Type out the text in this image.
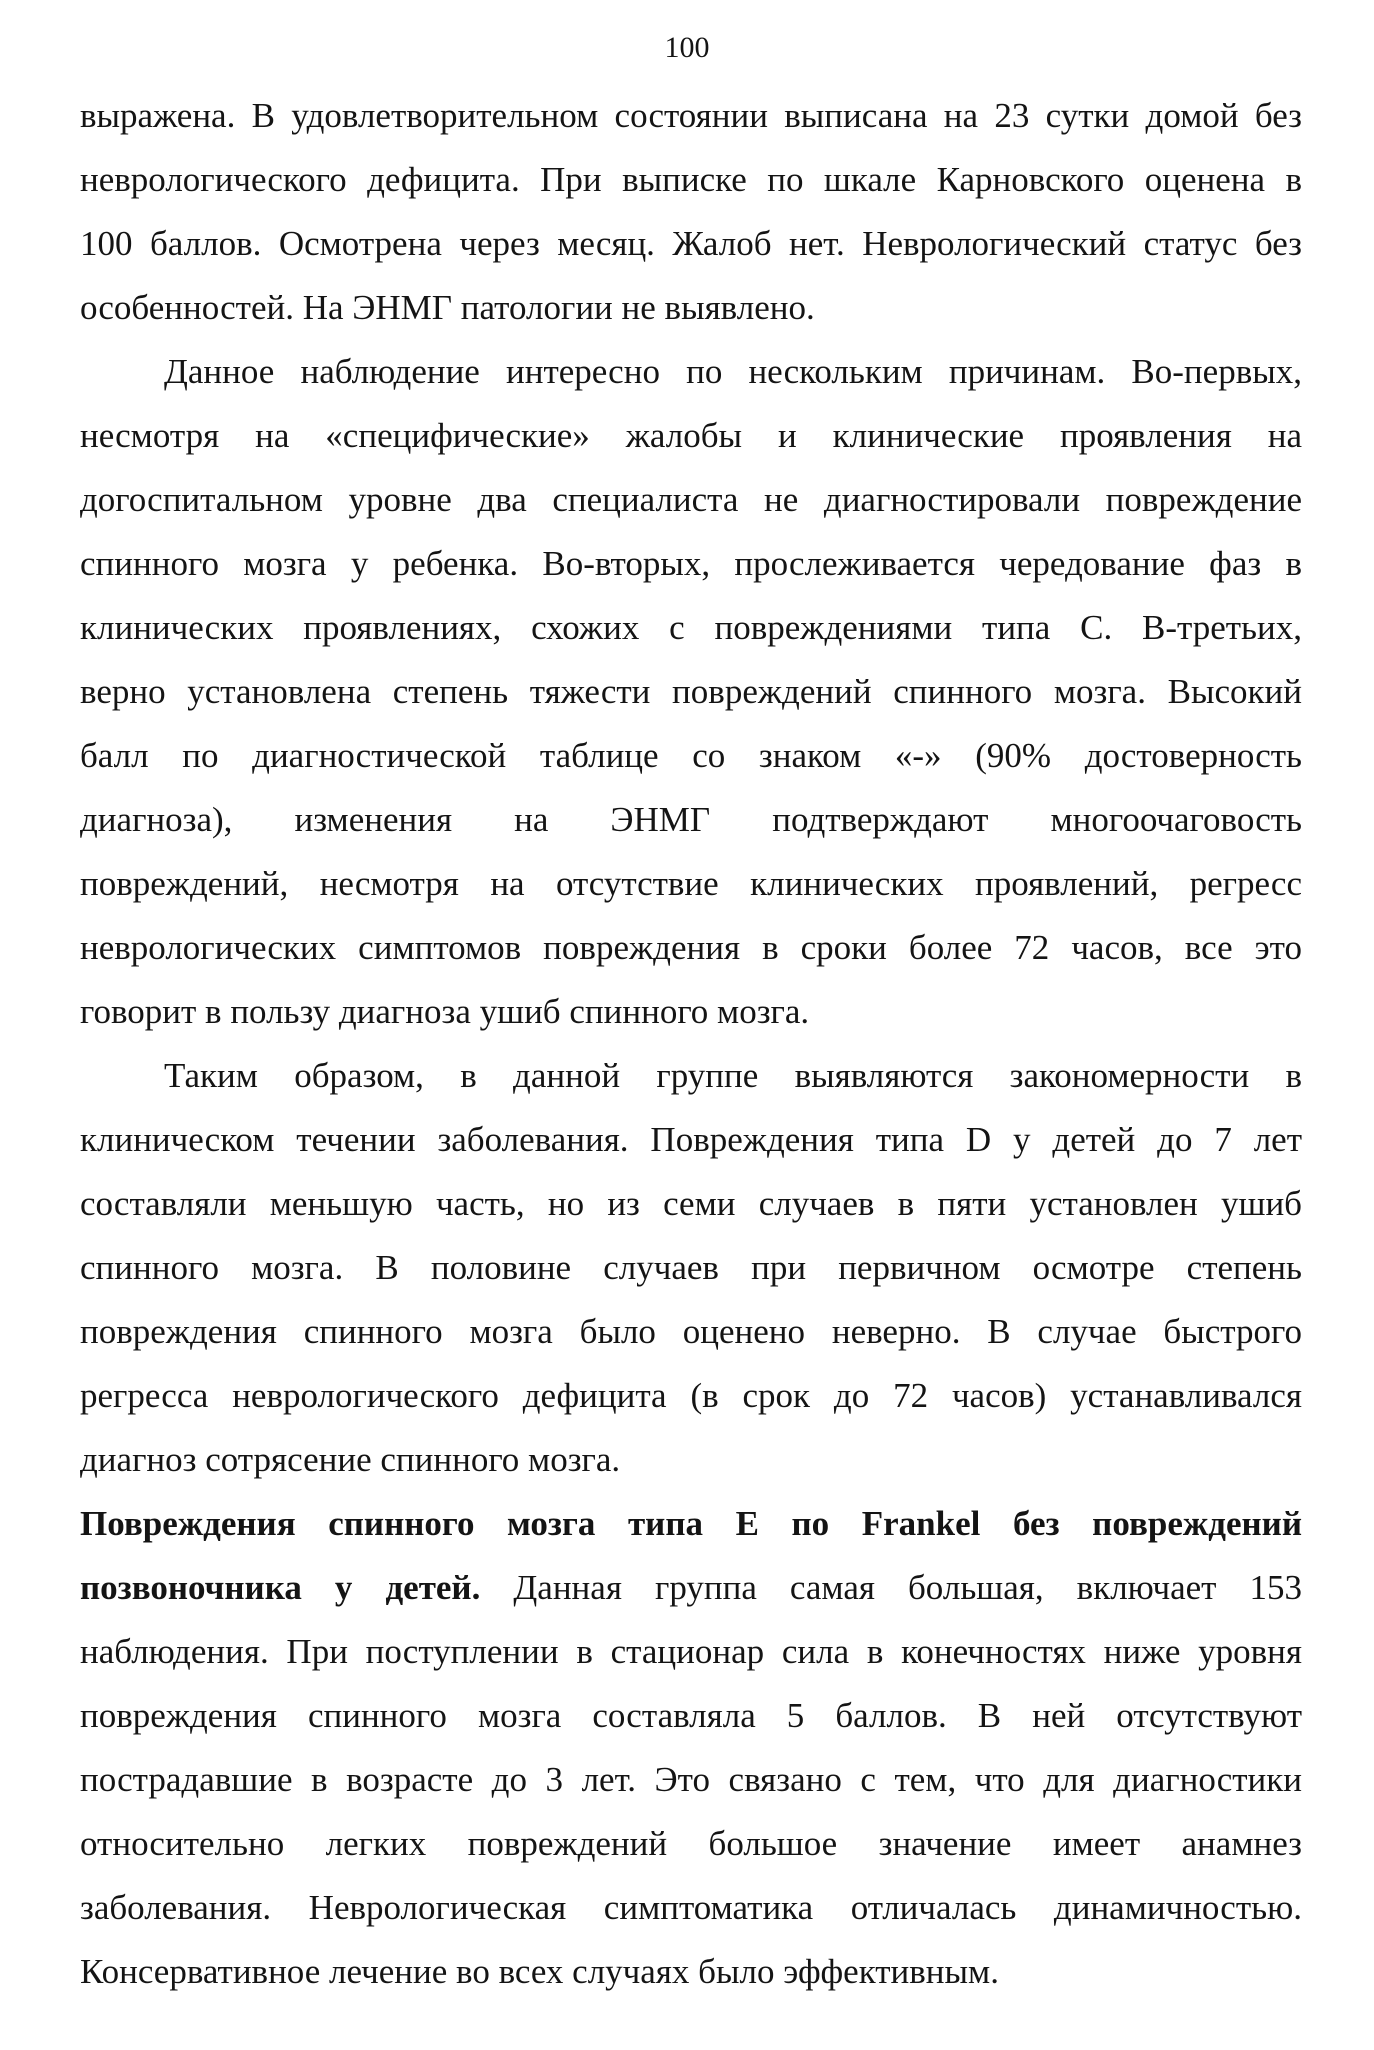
100
выражена. В удовлетворительном состоянии выписана на 23 сутки домой без
неврологического дефицита. При выписке по шкале Карновского оценена в
100 баллов. Осмотрена через месяц. Жалоб нет. Неврологический статус без
особенностей. На ЭНМГ патологии не выявлено.
Данное наблюдение интересно по нескольким причинам. Во-первых,
несмотря на «специфические» жалобы и клинические проявления на
догоспитальном уровне два специалиста не диагностировали повреждение
спинного мозга у ребенка. Во-вторых, прослеживается чередование фаз в
клинических проявлениях, схожих с повреждениями типа С. В-третьих,
верно установлена степень тяжести повреждений спинного мозга. Высокий
балл по диагностической таблице со знаком «-» (90% достоверность
диагноза), изменения на ЭНМГ подтверждают многоочаговость
повреждений, несмотря на отсутствие клинических проявлений, регресс
неврологических симптомов повреждения в сроки более 72 часов, все это
говорит в пользу диагноза ушиб спинного мозга.
Таким образом, в данной группе выявляются закономерности в
клиническом течении заболевания. Повреждения типа D у детей до 7 лет
составляли меньшую часть, но из семи случаев в пяти установлен ушиб
спинного мозга. В половине случаев при первичном осмотре степень
повреждения спинного мозга было оценено неверно. В случае быстрого
регресса неврологического дефицита (в срок до 72 часов) устанавливался
диагноз сотрясение спинного мозга.
Повреждения спинного мозга типа Е по Frankel без повреждений
позвоночника у детей. Данная группа самая большая, включает 153
наблюдения. При поступлении в стационар сила в конечностях ниже уровня
повреждения спинного мозга составляла 5 баллов. В ней отсутствуют
пострадавшие в возрасте до 3 лет. Это связано с тем, что для диагностики
относительно легких повреждений большое значение имеет анамнез
заболевания. Неврологическая симптоматика отличалась динамичностью.
Консервативное лечение во всех случаях было эффективным.
